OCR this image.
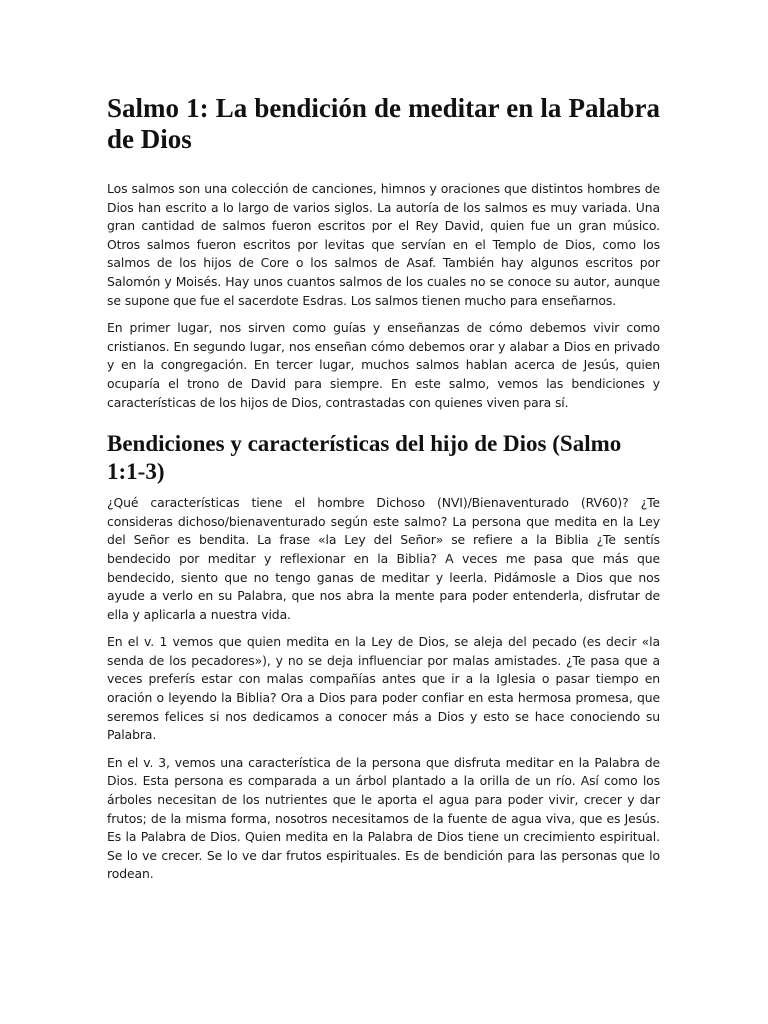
Salmo 1: La bendición de meditar en la Palabra de Dios

Los salmos son una colección de canciones, himnos y oraciones que distintos hombres de Dios han escrito a lo largo de varios siglos. La autoría de los salmos es muy variada. Una gran cantidad de salmos fueron escritos por el Rey David, quien fue un gran músico. Otros salmos fueron escritos por levitas que servían en el Templo de Dios, como los salmos de los hijos de Core o los salmos de Asaf. También hay algunos escritos por Salomón y Moisés. Hay unos cuantos salmos de los cuales no se conoce su autor, aunque se supone que fue el sacerdote Esdras. Los salmos tienen mucho para enseñarnos.

En primer lugar, nos sirven como guías y enseñanzas de cómo debemos vivir como cristianos. En segundo lugar, nos enseñan cómo debemos orar y alabar a Dios en privado y en la congregación. En tercer lugar, muchos salmos hablan acerca de Jesús, quien ocuparía el trono de David para siempre. En este salmo, vemos las bendiciones y características de los hijos de Dios, contrastadas con quienes viven para sí.

Bendiciones y características del hijo de Dios (Salmo 1:1-3)

¿Qué características tiene el hombre Dichoso (NVI)/Bienaventurado (RV60)? ¿Te consideras dichoso/bienaventurado según este salmo? La persona que medita en la Ley del Señor es bendita. La frase «la Ley del Señor» se refiere a la Biblia ¿Te sentís bendecido por meditar y reflexionar en la Biblia? A veces me pasa que más que bendecido, siento que no tengo ganas de meditar y leerla. Pidámosle a Dios que nos ayude a verlo en su Palabra, que nos abra la mente para poder entenderla, disfrutar de ella y aplicarla a nuestra vida.

En el v. 1 vemos que quien medita en la Ley de Dios, se aleja del pecado (es decir «la senda de los pecadores»), y no se deja influenciar por malas amistades. ¿Te pasa que a veces preferís estar con malas compañías antes que ir a la Iglesia o pasar tiempo en oración o leyendo la Biblia? Ora a Dios para poder confiar en esta hermosa promesa, que seremos felices si nos dedicamos a conocer más a Dios y esto se hace conociendo su Palabra.

En el v. 3, vemos una característica de la persona que disfruta meditar en la Palabra de Dios. Esta persona es comparada a un árbol plantado a la orilla de un río. Así como los árboles necesitan de los nutrientes que le aporta el agua para poder vivir, crecer y dar frutos; de la misma forma, nosotros necesitamos de la fuente de agua viva, que es Jesús. Es la Palabra de Dios. Quien medita en la Palabra de Dios tiene un crecimiento espiritual. Se lo ve crecer. Se lo ve dar frutos espirituales. Es de bendición para las personas que lo rodean.
